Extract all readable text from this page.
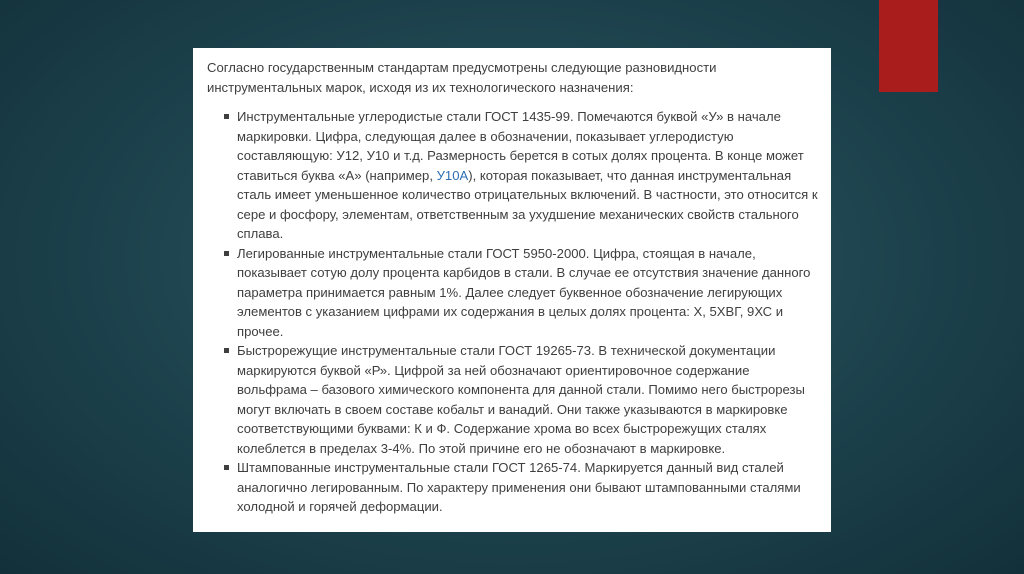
Согласно государственным стандартам предусмотрены следующие разновидности инструментальных марок, исходя из их технологического назначения:

Инструментальные углеродистые стали ГОСТ 1435-99. Помечаются буквой «У» в начале маркировки. Цифра, следующая далее в обозначении, показывает углеродистую составляющую: У12, У10 и т.д. Размерность берется в сотых долях процента. В конце может ставиться буква «А» (например, У10А), которая показывает, что данная инструментальная сталь имеет уменьшенное количество отрицательных включений. В частности, это относится к сере и фосфору, элементам, ответственным за ухудшение механических свойств стального сплава.
Легированные инструментальные стали ГОСТ 5950-2000. Цифра, стоящая в начале, показывает сотую долу процента карбидов в стали. В случае ее отсутствия значение данного параметра принимается равным 1%. Далее следует буквенное обозначение легирующих элементов с указанием цифрами их содержания в целых долях процента: Х, 5ХВГ, 9ХС и прочее.
Быстрорежущие инструментальные стали ГОСТ 19265-73. В технической документации маркируются буквой «Р». Цифрой за ней обозначают ориентировочное содержание вольфрама – базового химического компонента для данной стали. Помимо него быстрорезы могут включать в своем составе кобальт и ванадий. Они также указываются в маркировке соответствующими буквами: К и Ф. Содержание хрома во всех быстрорежущих сталях колеблется в пределах 3-4%. По этой причине его не обозначают в маркировке.
Штампованные инструментальные стали ГОСТ 1265-74. Маркируется данный вид сталей аналогично легированным. По характеру применения они бывают штампованными сталями холодной и горячей деформации.
